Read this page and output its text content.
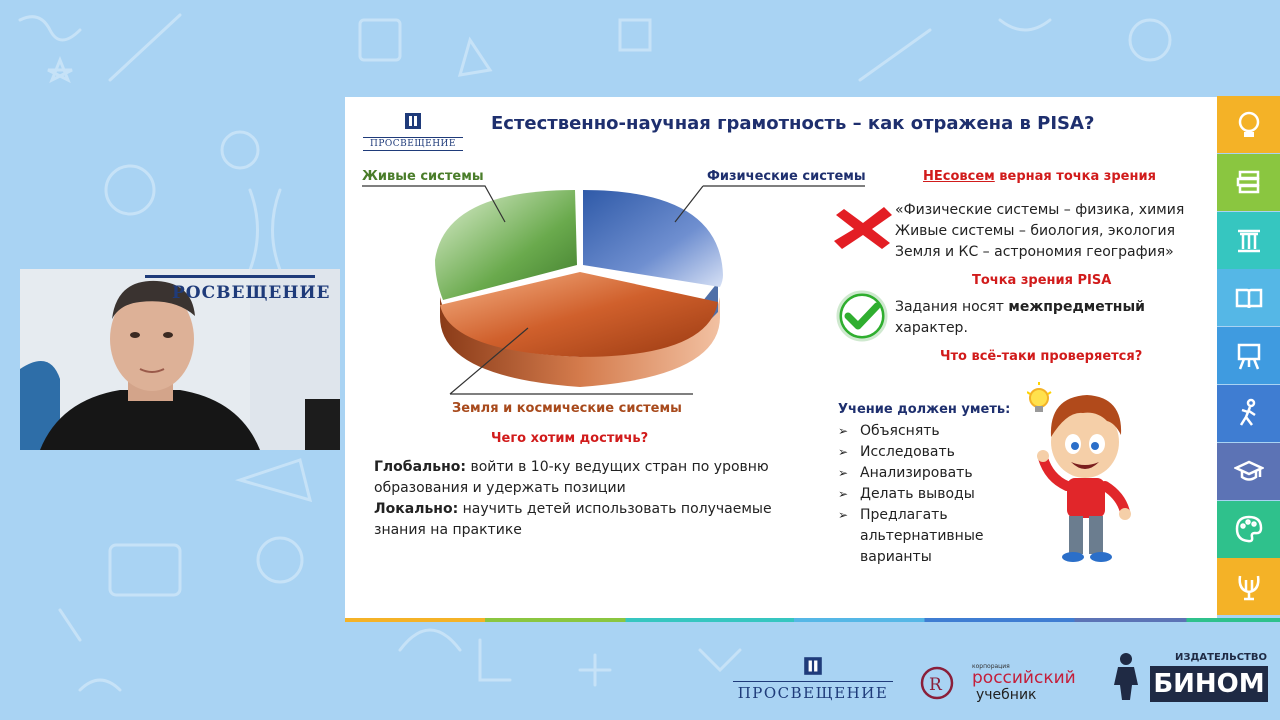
РОСВЕЩЕНИЕ
ПРОСВЕЩЕНИЕ
Естественно-научная грамотность – как отражена в PISA?
Живые системы	Физические системы
Земля и космические системы
Чего хотим достичь?
Глобально: войти в 10-ку ведущих стран по уровню
образования и удержать позиции
Локально: научить детей использовать получаемые
знания на практике
НЕсовсем верная точка зрения
«Физические системы – физика, химия
Живые системы – биология, экология
Земля и КС – астрономия география»
Точка зрения PISA
Задания носят межпредметный
характер.
Что всё-таки проверяется?
Учение должен уметь:
➢ Объяснять
➢ Исследовать
➢ Анализировать
➢ Делать выводы
➢ Предлагать
альтернативные
варианты
ПРОСВЕЩЕНИЕ R
корпорация
российский
учебник
ИЗДАТЕЛЬСТВО
БИНОМ
